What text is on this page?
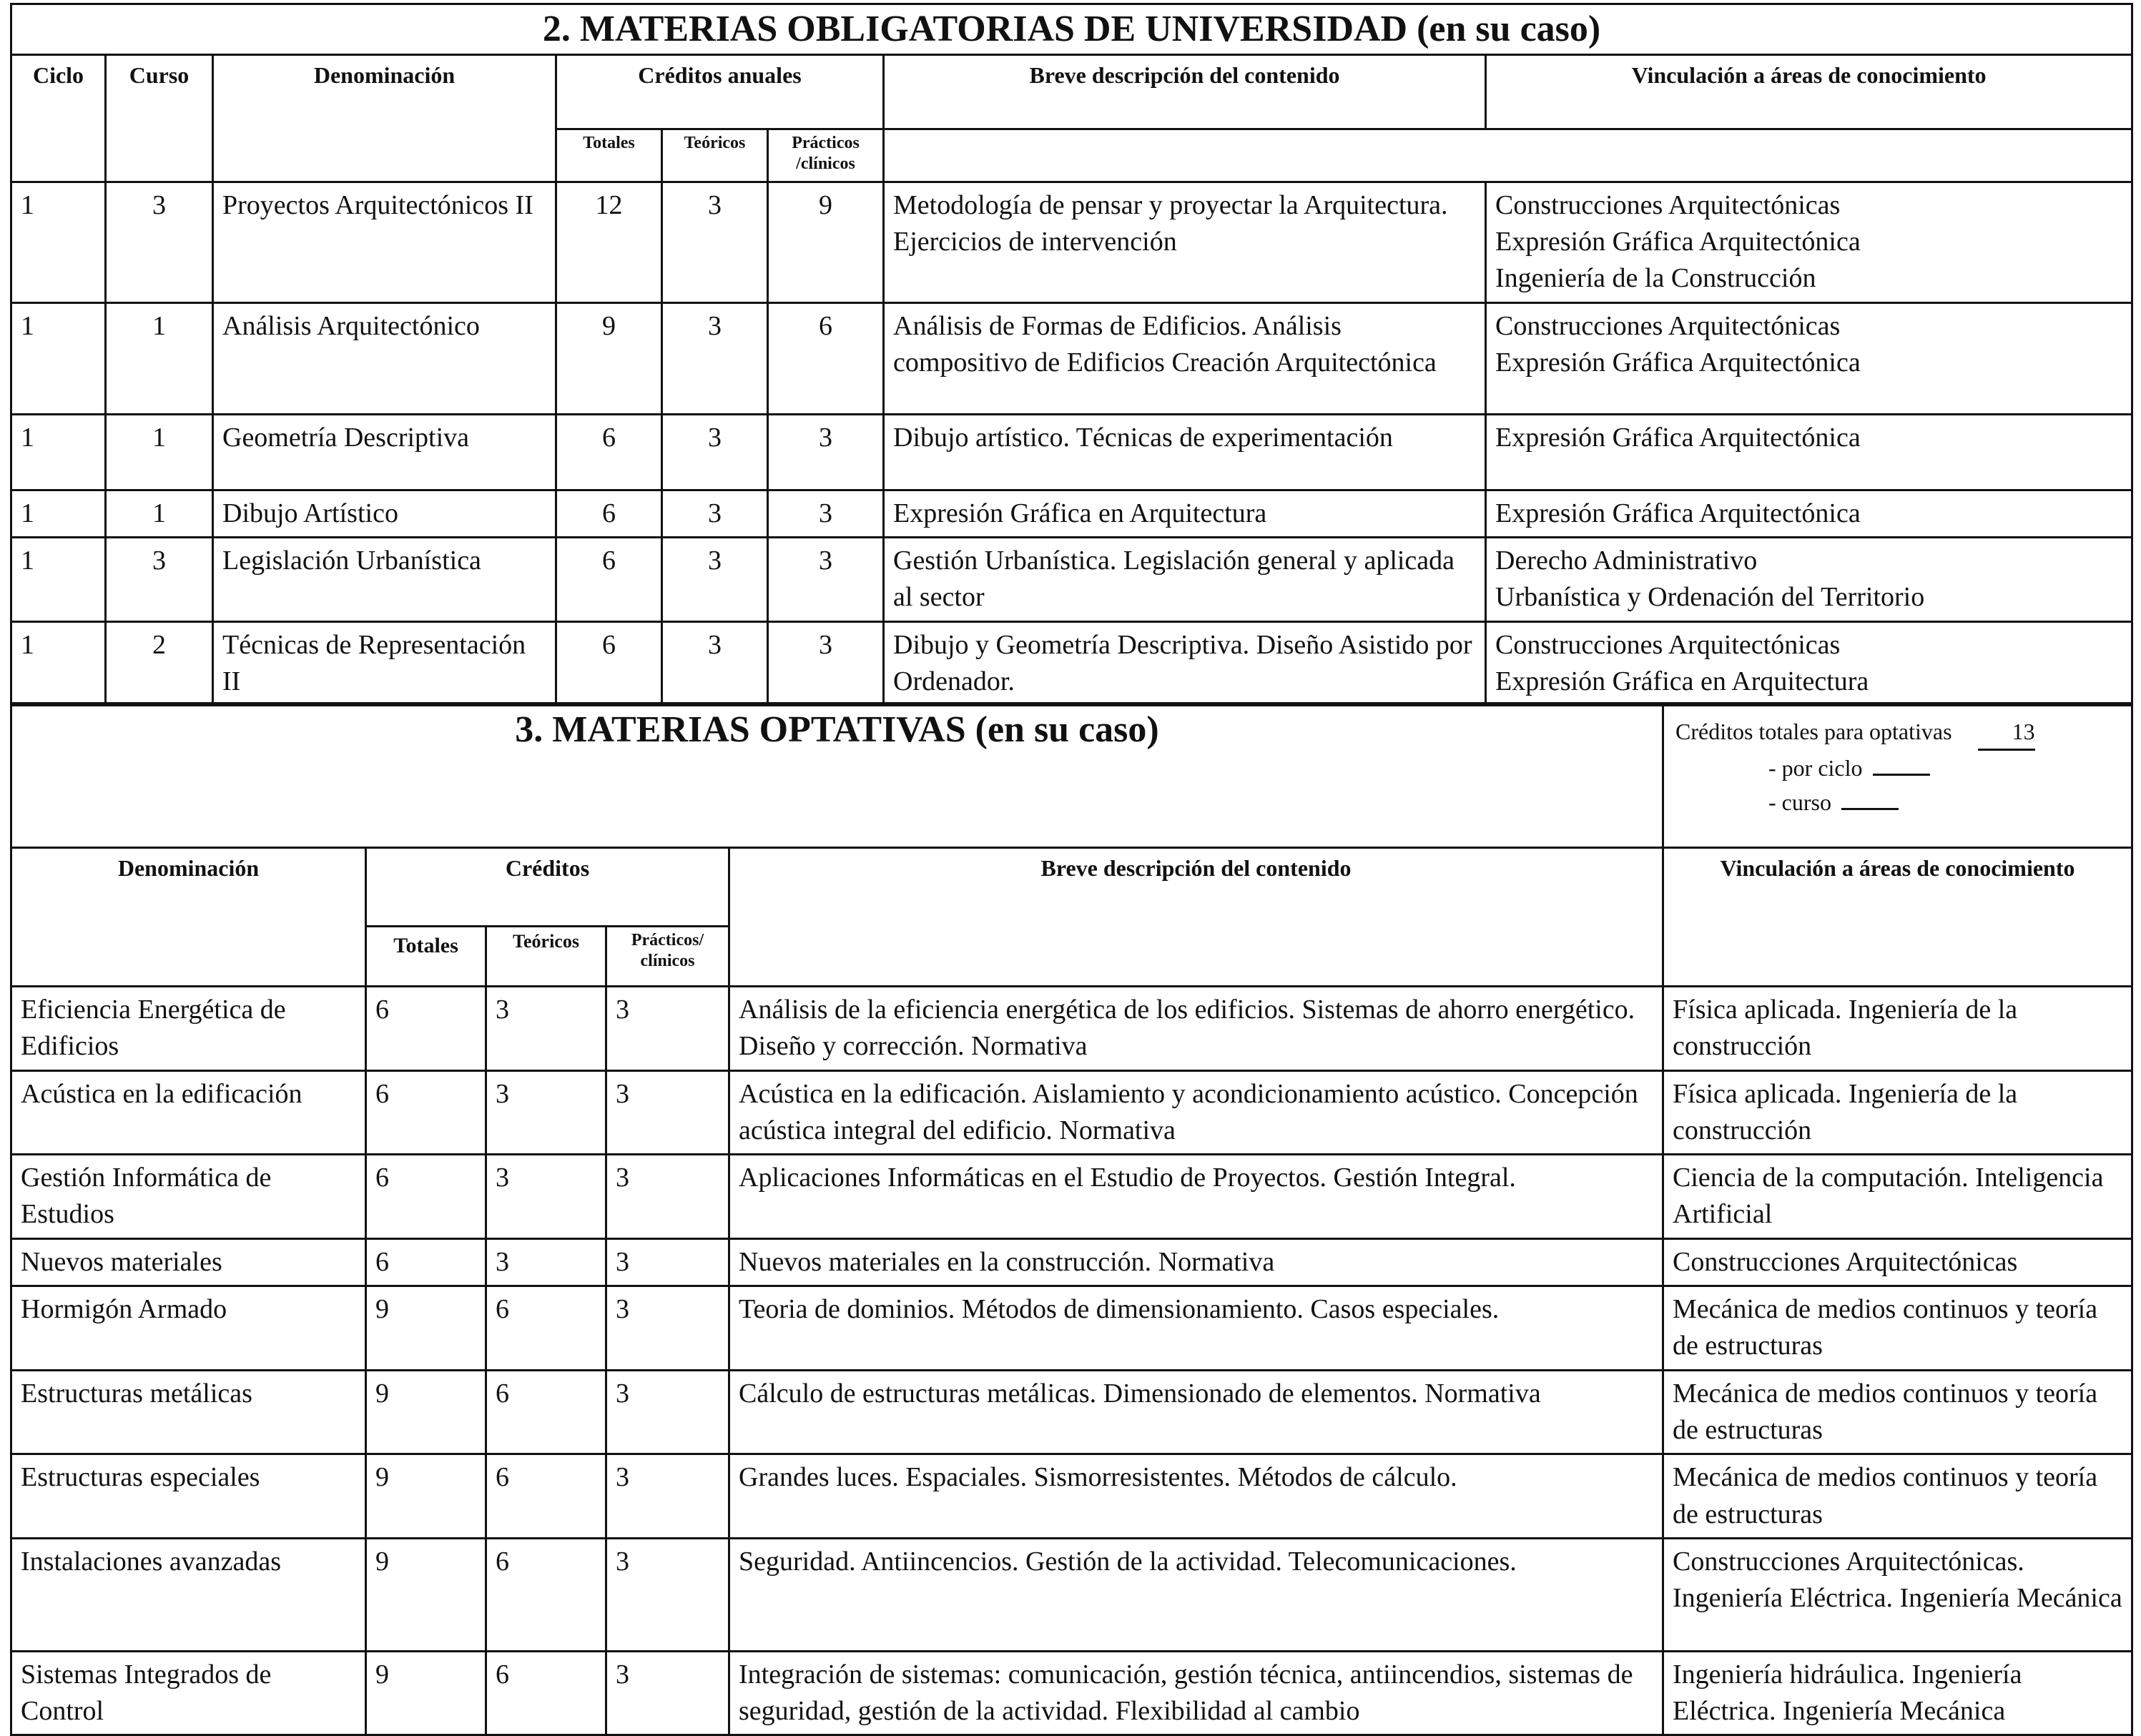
2. MATERIAS OBLIGATORIAS DE UNIVERSIDAD (en su caso)							
Ciclo	Curso	Denominación	Créditos anuales			Breve descripción del contenido	Vinculación a áreas de conocimiento
			Totales	Teóricos	Prácticos /clínicos		
1	3	Proyectos Arquitectónicos II	12	3	9	Metodología de pensar y proyectar la Arquitectura. Ejercicios de intervención	Construcciones Arquitectónicas
Expresión Gráfica Arquitectónica
Ingeniería de la Construcción

1	1	Análisis Arquitectónico	9	3	6	Análisis de Formas de Edificios. Análisis compositivo de Edificios Creación Arquitectónica	Construcciones Arquitectónicas
Expresión Gráfica Arquitectónica

1	1	Geometría Descriptiva	6	3	3	Dibujo artístico. Técnicas de experimentación	Expresión Gráfica Arquitectónica

1	1	Dibujo Artístico	6	3	3	Expresión Gráfica en Arquitectura	Expresión Gráfica Arquitectónica

1	3	Legislación Urbanística	6	3	3	Gestión Urbanística. Legislación general y aplicada al sector	Derecho Administrativo
Urbanística y Ordenación del Territorio

1	2	Técnicas de Representación II	6	3	3	Dibujo y Geometría Descriptiva. Diseño Asistido por Ordenador.	Construcciones Arquitectónicas
Expresión Gráfica en Arquitectura
3. MATERIAS OPTATIVAS (en su caso)					Créditos totales para optativas 13
- por ciclo
- curso

Denominación	Créditos			Breve descripción del contenido	Vinculación a áreas de conocimiento
	Totales	Teóricos	Prácticos/ clínicos		
Eficiencia Energética de Edificios	6	3	3	Análisis de la eficiencia energética de los edificios. Sistemas de ahorro energético. Diseño y corrección. Normativa	Física aplicada. Ingeniería de la construcción
Acústica en la edificación	6	3	3	Acústica en la edificación. Aislamiento y acondicionamiento acústico. Concepción acústica integral del edificio. Normativa	Física aplicada. Ingeniería de la construcción
Gestión Informática de Estudios	6	3	3	Aplicaciones Informáticas en el Estudio de Proyectos. Gestión Integral.	Ciencia de la computación. Inteligencia Artificial
Nuevos materiales	6	3	3	Nuevos materiales en la construcción. Normativa	Construcciones Arquitectónicas
Hormigón Armado	9	6	3	Teoria de dominios. Métodos de dimensionamiento. Casos especiales.	Mecánica de medios continuos y teoría de estructuras
Estructuras metálicas	9	6	3	Cálculo de estructuras metálicas. Dimensionado de elementos. Normativa	Mecánica de medios continuos y teoría de estructuras
Estructuras especiales	9	6	3	Grandes luces. Espaciales. Sismorresistentes. Métodos de cálculo.	Mecánica de medios continuos y teoría de estructuras
Instalaciones avanzadas	9	6	3	Seguridad. Antiincencios. Gestión de la actividad. Telecomunicaciones.	Construcciones Arquitectónicas. Ingeniería Eléctrica. Ingeniería Mecánica
Sistemas Integrados de Control	9	6	3	Integración de sistemas: comunicación, gestión técnica, antiincendios, sistemas de seguridad, gestión de la actividad. Flexibilidad al cambio	Ingeniería hidráulica. Ingeniería Eléctrica. Ingeniería Mecánica
